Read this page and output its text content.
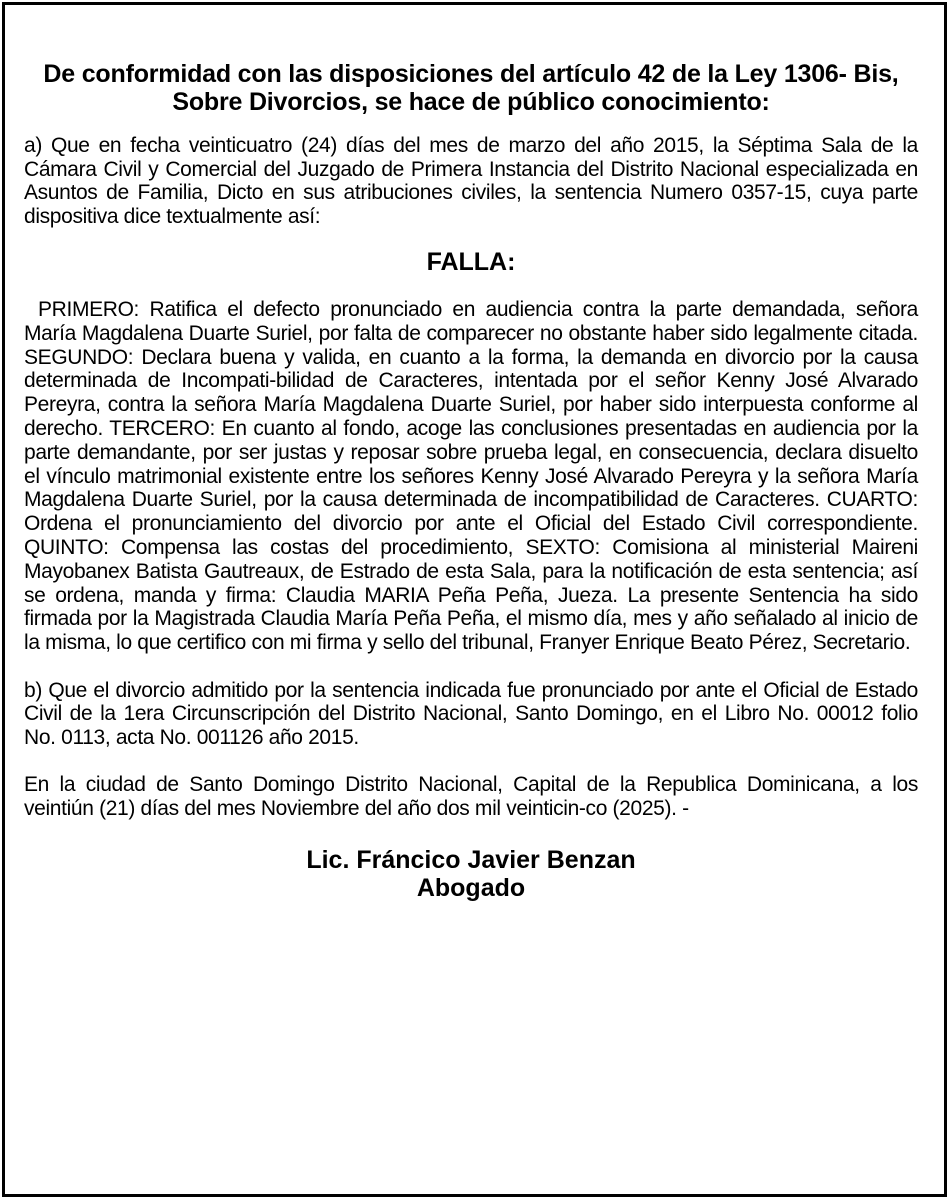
De conformidad con las disposiciones del artículo 42 de la Ley 1306- Bis, Sobre Divorcios, se hace de público conocimiento:

a) Que en fecha veinticuatro (24) días del mes de marzo del año 2015, la Séptima Sala de la Cámara Civil y Comercial del Juzgado de Primera Instancia del Distrito Nacional especializada en Asuntos de Familia, Dicto en sus atribuciones civiles, la sentencia Numero 0357-15, cuya parte dispositiva dice textualmente así:

FALLA:

PRIMERO: Ratifica el defecto pronunciado en audiencia contra la parte demandada, señora María Magdalena Duarte Suriel, por falta de comparecer no obstante haber sido legalmente citada. SEGUNDO: Declara buena y valida, en cuanto a la forma, la demanda en divorcio por la causa determinada de Incompati-bilidad de Caracteres, intentada por el señor Kenny José Alvarado Pereyra, contra la señora María Magdalena Duarte Suriel, por haber sido interpuesta conforme al derecho. TERCERO: En cuanto al fondo, acoge las conclusiones presentadas en audiencia por la parte demandante, por ser justas y reposar sobre prueba legal, en consecuencia, declara disuelto el vínculo matrimonial existente entre los señores Kenny José Alvarado Pereyra y la señora María Magdalena Duarte Suriel, por la causa determinada de incompatibilidad de Caracteres. CUARTO: Ordena el pronunciamiento del divorcio por ante el Oficial del Estado Civil correspondiente. QUINTO: Compensa las costas del procedimiento, SEXTO: Comisiona al ministerial Maireni Mayobanex Batista Gautreaux, de Estrado de esta Sala, para la notificación de esta sentencia; así se ordena, manda y firma: Claudia MARIA Peña Peña, Jueza. La presente Sentencia ha sido firmada por la Magistrada Claudia María Peña Peña, el mismo día, mes y año señalado al inicio de la misma, lo que certifico con mi firma y sello del tribunal, Franyer Enrique Beato Pérez, Secretario.

b) Que el divorcio admitido por la sentencia indicada fue pronunciado por ante el Oficial de Estado Civil de la 1era Circunscripción del Distrito Nacional, Santo Domingo, en el Libro No. 00012 folio No. 0113, acta No. 001126 año 2015.

En la ciudad de Santo Domingo Distrito Nacional, Capital de la Republica Dominicana, a los veintiún (21) días del mes Noviembre del año dos mil veinticin-co (2025). -

Lic. Fráncico Javier Benzan
Abogado
